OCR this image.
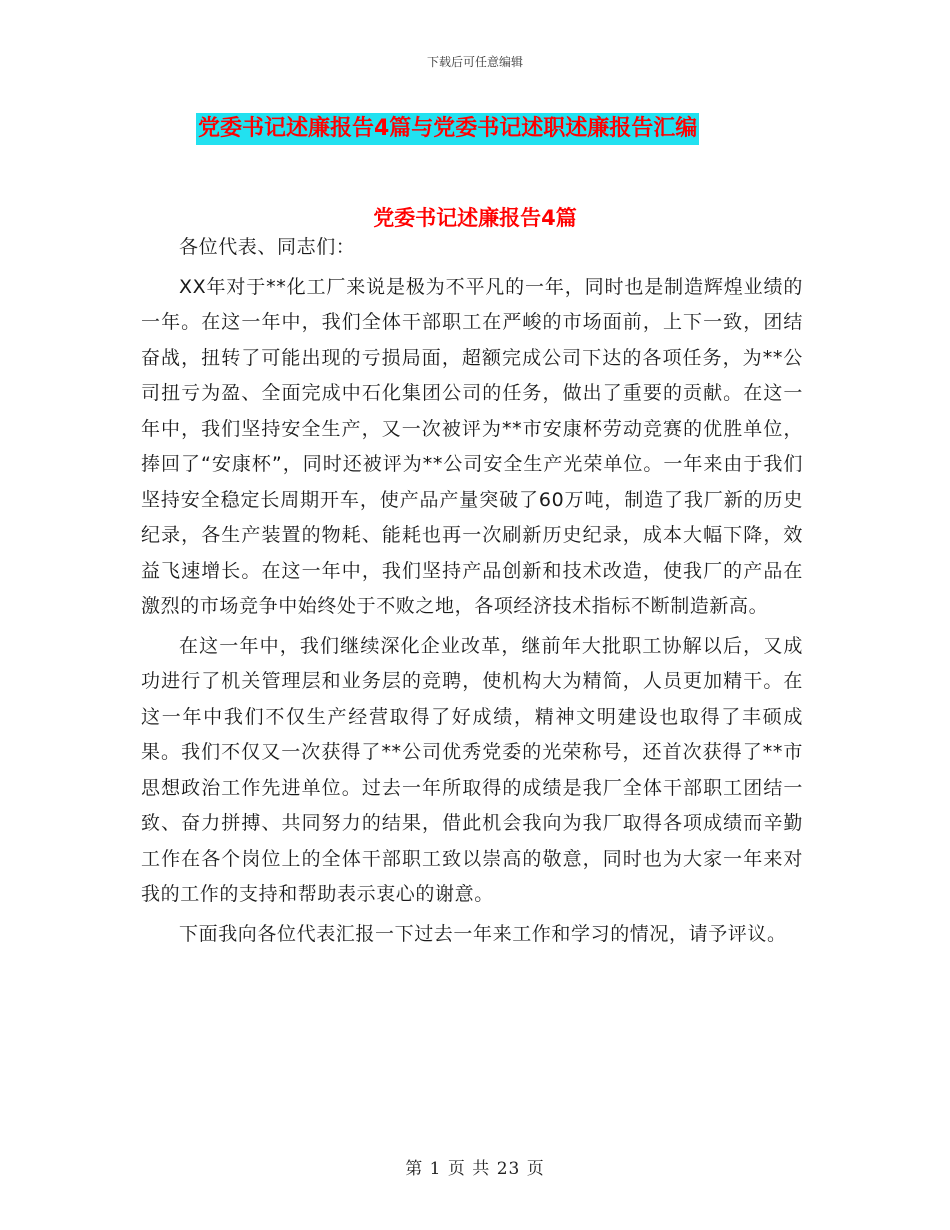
下载后可任意编辑
党委书记述廉报告4篇与党委书记述职述廉报告汇编
党委书记述廉报告4篇

各位代表、同志们：

XX年对于**化工厂来说是极为不平凡的一年，同时也是制造辉煌业绩的一年。在这一年中，我们全体干部职工在严峻的市场面前，上下一致，团结奋战，扭转了可能出现的亏损局面，超额完成公司下达的各项任务，为**公司扭亏为盈、全面完成中石化集团公司的任务，做出了重要的贡献。在这一年中，我们坚持安全生产，又一次被评为**市安康杯劳动竞赛的优胜单位，捧回了“安康杯”，同时还被评为**公司安全生产光荣单位。一年来由于我们坚持安全稳定长周期开车，使产品产量突破了60万吨，制造了我厂新的历史纪录，各生产装置的物耗、能耗也再一次刷新历史纪录，成本大幅下降，效益飞速增长。在这一年中，我们坚持产品创新和技术改造，使我厂的产品在激烈的市场竞争中始终处于不败之地，各项经济技术指标不断制造新高。

在这一年中，我们继续深化企业改革，继前年大批职工协解以后，又成功进行了机关管理层和业务层的竞聘，使机构大为精简，人员更加精干。在这一年中我们不仅生产经营取得了好成绩，精神文明建设也取得了丰硕成果。我们不仅又一次获得了**公司优秀党委的光荣称号，还首次获得了**市思想政治工作先进单位。过去一年所取得的成绩是我厂全体干部职工团结一致、奋力拼搏、共同努力的结果，借此机会我向为我厂取得各项成绩而辛勤工作在各个岗位上的全体干部职工致以崇高的敬意，同时也为大家一年来对我的工作的支持和帮助表示衷心的谢意。

下面我向各位代表汇报一下过去一年来工作和学习的情况，请予评议。

第 1 页 共 23 页
